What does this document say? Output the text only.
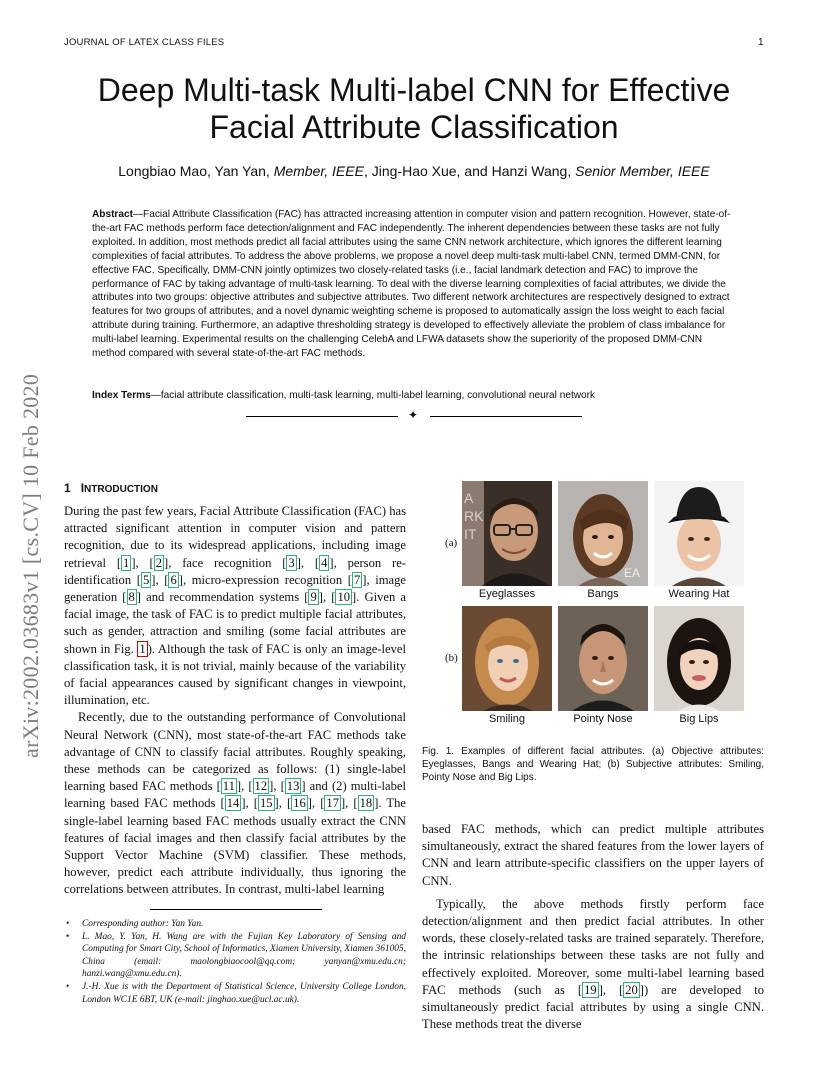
JOURNAL OF LATEX CLASS FILES	1
Deep Multi-task Multi-label CNN for Effective
Facial Attribute Classification
Longbiao Mao, Yan Yan, Member, IEEE, Jing-Hao Xue, and Hanzi Wang, Senior Member, IEEE
Abstract—Facial Attribute Classification (FAC) has attracted increasing attention in computer vision and pattern recognition. However, state-of-the-art FAC methods perform face detection/alignment and FAC independently. The inherent dependencies between these tasks are not fully exploited. In addition, most methods predict all facial attributes using the same CNN network architecture, which ignores the different learning complexities of facial attributes. To address the above problems, we propose a novel deep multi-task multi-label CNN, termed DMM-CNN, for effective FAC. Specifically, DMM-CNN jointly optimizes two closely-related tasks (i.e., facial landmark detection and FAC) to improve the performance of FAC by taking advantage of multi-task learning. To deal with the diverse learning complexities of facial attributes, we divide the attributes into two groups: objective attributes and subjective attributes. Two different network architectures are respectively designed to extract features for two groups of attributes, and a novel dynamic weighting scheme is proposed to automatically assign the loss weight to each facial attribute during training. Furthermore, an adaptive thresholding strategy is developed to effectively alleviate the problem of class imbalance for multi-label learning. Experimental results on the challenging CelebA and LFWA datasets show the superiority of the proposed DMM-CNN method compared with several state-of-the-art FAC methods.
Index Terms—facial attribute classification, multi-task learning, multi-label learning, convolutional neural network
✦
arXiv:2002.03683v1 [cs.CV] 10 Feb 2020 1 INTRODUCTION

During the past few years, Facial Attribute Classification (FAC) has attracted significant attention in computer vision and pattern recognition, due to its widespread applications, including image retrieval [ 1 ], [ 2 ], face recognition [ 3 ], [ 4 ], person re-identification [ 5 ], [ 6 ], micro-expression recognition [ 7 ], image generation [ 8 ] and recommendation systems [ 9 ], [ 10 ]. Given a facial image, the task of FAC is to predict multiple facial attributes, such as gender, attraction and smiling (some facial attributes are shown in Fig. 1 ). Although the task of FAC is only an image-level classification task, it is not trivial, mainly because of the variability of facial appearances caused by significant changes in viewpoint, illumination, etc.

Recently, due to the outstanding performance of Convolutional Neural Network (CNN), most state-of-the-art FAC methods take advantage of CNN to classify facial attributes. Roughly speaking, these methods can be categorized as follows: (1) single-label learning based FAC methods [ 11 ], [ 12 ], [ 13 ] and (2) multi-label learning based FAC methods [ 14 ], [ 15 ], [ 16 ], [ 17 ], [ 18 ]. The single-label learning based FAC methods usually extract the CNN features of facial images and then classify facial attributes by the Support Vector Machine (SVM) classifier. These methods, however, predict each attribute individually, thus ignoring the correlations between attributes. In contrast, multi-label learning

• Corresponding author: Yan Yan.
• L. Mao, Y. Yan, H. Wang are with the Fujian Key Laboratory of Sensing and Computing for Smart City, School of Informatics, Xiamen University, Xiamen 361005, China (email: maolongbiaocool@qq.com; yanyan@xmu.edu.cn; hanzi.wang@xmu.edu.cn).
• J.-H. Xue is with the Department of Statistical Science, University College London, London WC1E 6BT, UK (e-mail: jinghao.xue@ucl.ac.uk).
(a)
(b)
A
RK
IT
EA
Eyeglasses	Bangs	Wearing Hat
Smiling	Pointy Nose	Big Lips
Fig. 1. Examples of different facial attributes. (a) Objective attributes: Eyeglasses, Bangs and Wearing Hat; (b) Subjective attributes: Smiling, Pointy Nose and Big Lips.

based FAC methods, which can predict multiple attributes simultaneously, extract the shared features from the lower layers of CNN and learn attribute-specific classifiers on the upper layers of CNN.

Typically, the above methods firstly perform face detection/alignment and then predict facial attributes. In other words, these closely-related tasks are trained separately. Therefore, the intrinsic relationships between these tasks are not fully and effectively exploited. Moreover, some multi-label learning based FAC methods (such as [ 19 ], [ 20 ]) are developed to simultaneously predict facial attributes by using a single CNN. These methods treat the diverse
